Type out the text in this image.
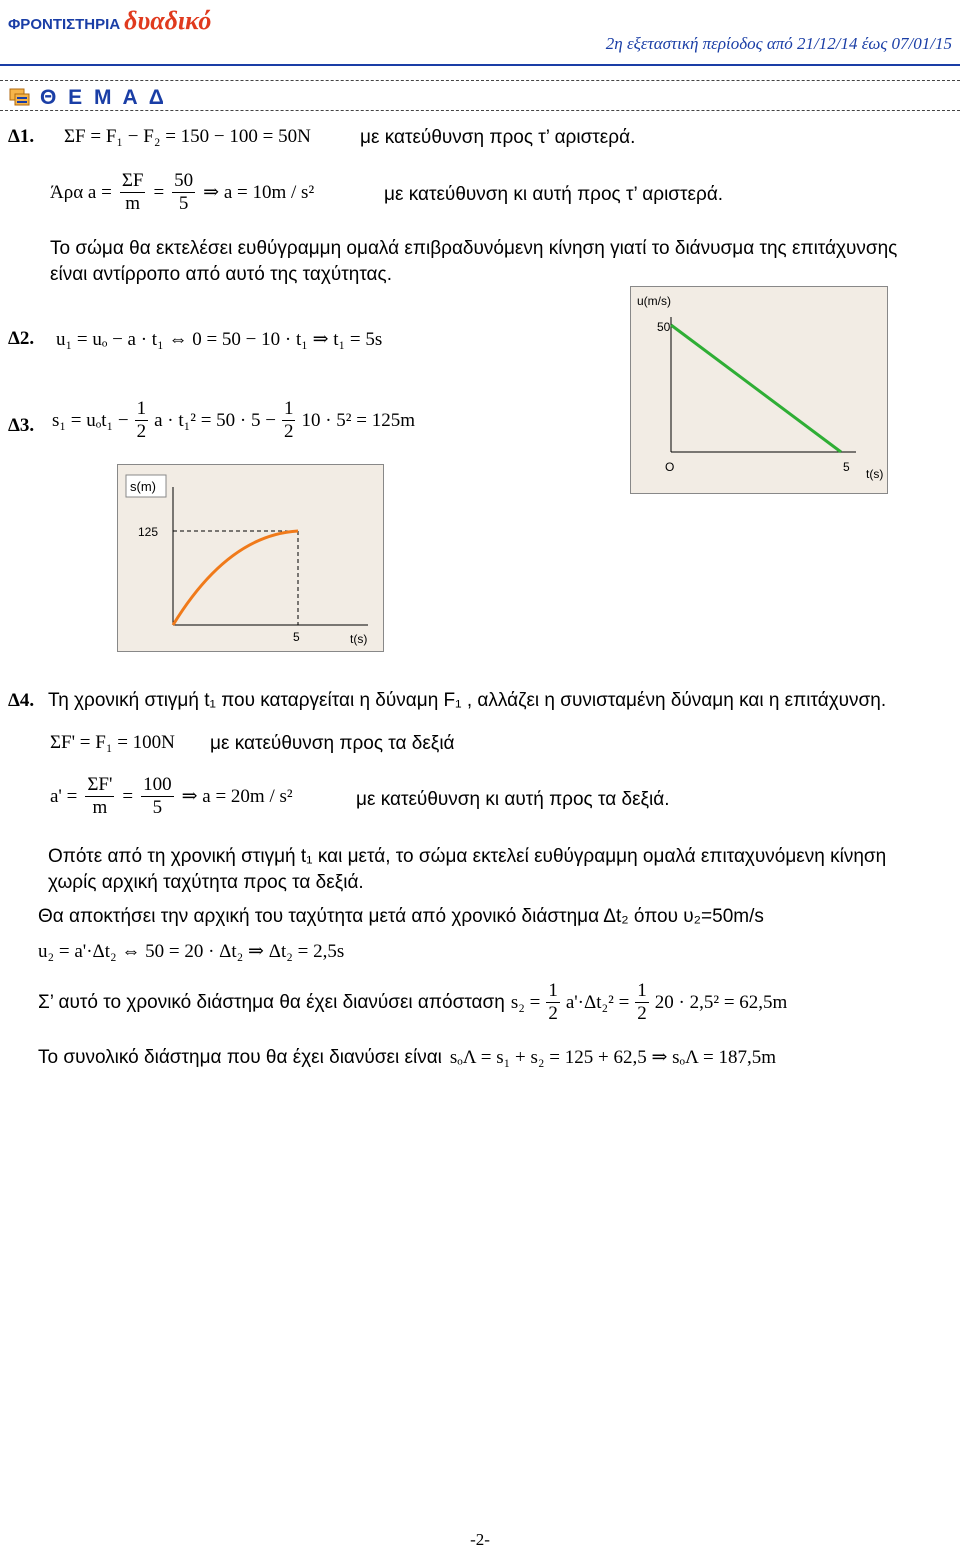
ΦΡΟΝΤΙΣΤΗΡΙΑ δυαδικό
2η εξεταστική περίοδος από 21/12/14 έως 07/01/15
Θ Ε Μ Α Δ
Δ1. ΣF = F₁ − F₂ = 150 − 100 = 50N	με κατεύθυνση προς τ’ αριστερά.
Άρα $a = \frac{\Sigma F}{m} = \frac{50}{5}$ ⇒ a = 10m / s²	με κατεύθυνση κι αυτή προς τ’ αριστερά.
Το σώμα θα εκτελέσει ευθύγραμμη ομαλά επιβραδυνόμενη κίνηση γιατί το διάνυσμα της επιτάχυνσης
είναι αντίρροπο από αυτό της ταχύτητας.
Δ2. u₁ = uₒ − a · t₁ ⇔ 0 = 50 − 10 · t₁ ⇒ t₁ = 5s
Δ3. $s_1 = u_ot_1 - \frac{1}{2}$ $a \cdot t_1^2 = 50 \cdot 5 - \frac{1}{2} 10 \cdot 5^2 = 125m$
u(m/s)
50
O	5 t(s)
s(m)
125
5	t(s)
Δ4. Τη χρονική στιγμή t₁ που καταργείται η δύναμη F₁ , αλλάζει η συνισταμένη δύναμη και η επιτάχυνση.
ΣF' = F₁ = 100N με κατεύθυνση προς τα δεξιά
$a' = \frac{\Sigma F'}{m} = \frac{100}{5}$ ⇒ a = 20m / s²	με κατεύθυνση κι αυτή προς τα δεξιά.
Οπότε από τη χρονική στιγμή t₁ και μετά, το σώμα εκτελεί ευθύγραμμη ομαλά επιταχυνόμενη κίνηση
χωρίς αρχική ταχύτητα προς τα δεξιά.
Θα αποκτήσει την αρχική του ταχύτητα μετά από χρονικό διάστημα Δt₂ όπου υ₂=50m/s
u₂ = a'·Δt₂ ⇔ 50 = 20 · Δt₂ ⇒ Δt₂ = 2,5s
Σ’ αυτό το χρονικό διάστημα θα έχει διανύσει απόσταση $s_2 = \frac{1}{2} a'\cdot\Delta t_2^2 = \frac{1}{2} 20 \cdot 2,5^2 = 62,5m$
Το συνολικό διάστημα που θα έχει διανύσει είναι sₒΛ = s₁ + s₂ = 125 + 62,5 ⇒ sₒΛ = 187,5m
-2-
